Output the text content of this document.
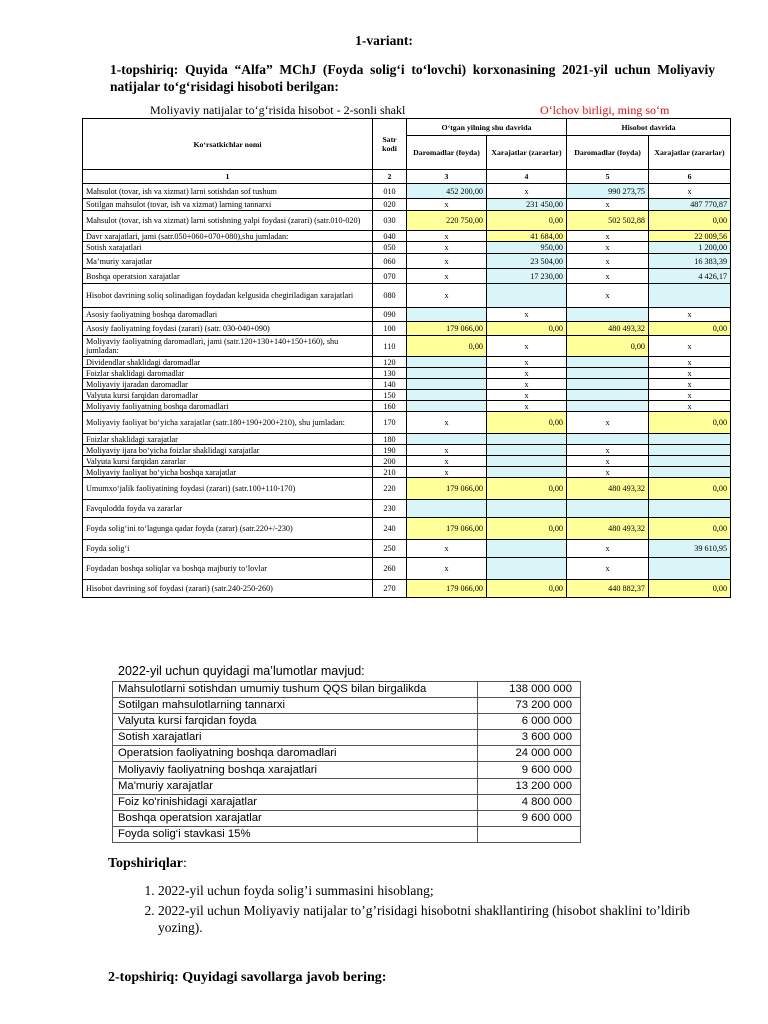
1-variant:
1-topshiriq: Quyida “Alfa” MChJ (Foyda solig‘i to‘lovchi) korxonasining 2021-yil uchun Moliyaviy natijalar to‘g‘risidagi hisoboti berilgan:
Moliyaviy natijalar to‘g‘risida hisobot - 2-sonli shakl	O‘lchov birligi, ming so‘m
Ko‘rsatkichlar nomi	Satr kodi	O‘tgan yilning shu davrida		Hisobot davrida	
		Daromadlar (foyda)	Xarajatlar (zararlar)	Daromadlar (foyda)	Xarajatlar (zararlar)
1	2	3	4	5	6
Mahsulot (tovar, ish va xizmat) larni sotishdan sof tushum	010	452 200,00	x	990 273,75	x
Sotilgan mahsulot (tovar, ish va xizmat) larning tannarxi	020	x	231 450,00	x	487 770,87
Mahsulot (tovar, ish va xizmat) larni sotishning yalpi foydasi (zarari) (satr.010-020)	030	220 750,00	0,00	502 502,88	0,00
Davr xarajatlari, jami (satr.050+060+070+080),shu jumladan:	040	x	41 684,00	x	22 009,56
Sotish xarajatlari	050	x	950,00	x	1 200,00
Ma’muriy xarajatlar	060	x	23 504,00	x	16 383,39
Boshqa operatsion xarajatlar	070	x	17 230,00	x	4 426,17
Hisobot davrining soliq solinadigan foydadan kelgusida chegiriladigan xarajatlari	080	x		x	
Asosiy faoliyatning boshqa daromadlari	090		x		x
Asosiy faoliyatning foydasi (zarari) (satr. 030-040+090)	100	179 066,00	0,00	480 493,32	0,00
Moliyaviy faoliyatning daromadlari, jami (satr.120+130+140+150+160), shu jumladan:	110	0,00	x	0,00	x
Dividendlar shaklidagi daromadlar	120		x		x
Foizlar shaklidagi daromadlar	130		x		x
Moliyaviy ijaradan daromadlar	140		x		x
Valyuta kursi farqidan daromadlar	150		x		x
Moliyaviy faoliyatning boshqa daromadlari	160		x		x
Moliyaviy faoliyat bo‘yicha xarajatlar (satr.180+190+200+210), shu jumladan:	170	x	0,00	x	0,00
Foizlar shaklidagi xarajatlar	180				
Moliyaviy ijara bo‘yicha foizlar shaklidagi xarajatlar	190	x		x	
Valyuta kursi farqidan zararlar	200	x		x	
Moliyaviy faoliyat bo‘yicha boshqa xarajatlar	210	x		x	
Umumxo‘jalik faoliyatining foydasi (zarari) (satr.100+110-170)	220	179 066,00	0,00	480 493,32	0,00
Favqulodda foyda va zararlar	230				
Foyda solig‘ini to‘lagunga qadar foyda (zarar) (satr.220+/-230)	240	179 066,00	0,00	480 493,32	0,00
Foyda solig‘i	250	x		x	39 610,95
Foydadan boshqa soliqlar va boshqa majburiy to‘lovlar	260	x		x	
Hisobot davrining sof foydasi (zarari) (satr.240-250-260)	270	179 066,00	0,00	440 882,37	0,00
2022-yil uchun quyidagi ma’lumotlar mavjud:
Mahsulotlarni sotishdan umumiy tushum QQS bilan birgalikda	138 000 000
Sotilgan mahsulotlarning tannarxi	73 200 000
Valyuta kursi farqidan foyda	6 000 000
Sotish xarajatlari	3 600 000
Operatsion faoliyatning boshqa daromadlari	24 000 000
Moliyaviy faoliyatning boshqa xarajatlari	9 600 000
Ma'muriy xarajatlar	13 200 000
Foiz ko'rinishidagi xarajatlar	4 800 000
Boshqa operatsion xarajatlar	9 600 000
Foyda solig‘i stavkasi 15%	
Topshiriqlar:
1. 2022-yil uchun foyda solig’i summasini hisoblang;
2. 2022-yil uchun Moliyaviy natijalar to’g’risidagi hisobotni shakllantiring (hisobot shaklini to’ldirib yozing).
2-topshiriq: Quyidagi savollarga javob bering:
